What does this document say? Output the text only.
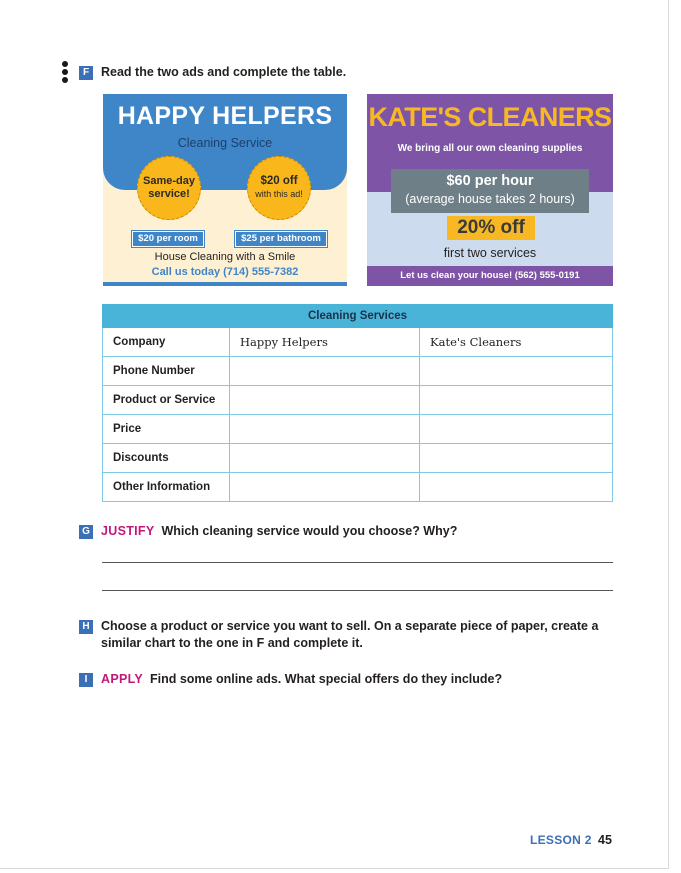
F Read the two ads and complete the table.
HAPPY HELPERS
Cleaning Service
Same-day service!
$20 off
with this ad!
$20 per room	$25 per bathroom
House Cleaning with a Smile
Call us today (714) 555-7382
KATE'S CLEANERS
We bring all our own cleaning supplies
$60 per hour
(average house takes 2 hours)
20% off
first two services
Let us clean your house! (562) 555-0191
Cleaning Services		
Company	Happy Helpers	Kate's Cleaners
Phone Number		
Product or Service		
Price		
Discounts		
Other Information		
G JUSTIFY Which cleaning service would you choose? Why?
H Choose a product or service you want to sell. On a separate piece of paper, create a
similar chart to the one in F and complete it.
I	APPLY Find some online ads. What special offers do they include?
LESSON 2 45
